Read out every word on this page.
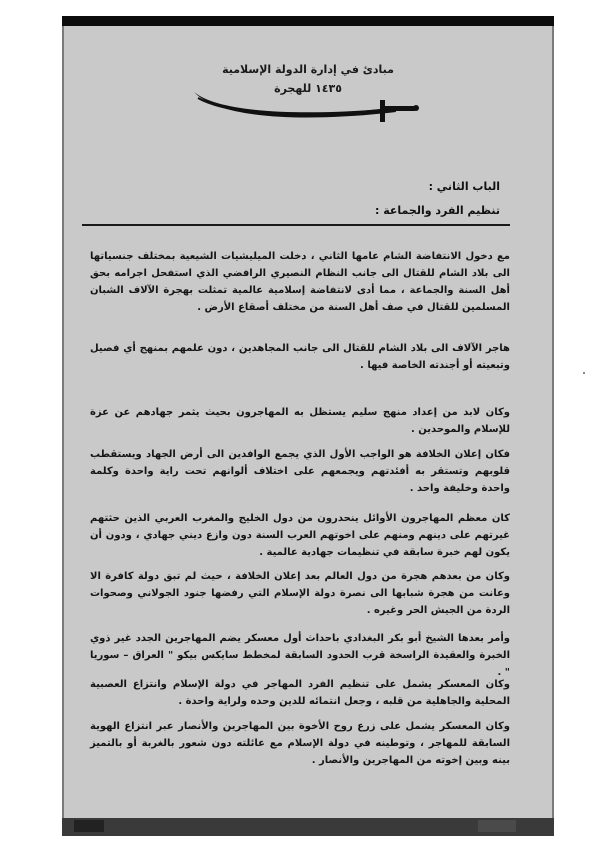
مبادئ في إدارة الدولة الإسلامية
١٤٣٥ للهجرة
الباب الثاني :
تنظيم الفرد والجماعة :
مع دخول الانتفاضة الشام عامها الثاني ، دخلت الميليشيات الشيعية بمختلف جنسياتها الى بلاد الشام للقتال الى جانب النظام النصيري الرافضي الذي استفحل اجرامه بحق أهل السنة والجماعة ، مما أدى لانتفاضة إسلامية عالمية تمثلت بهجرة الآلاف الشبان المسلمين للقتال في صف أهل السنة من مختلف أصقاع الأرض .
هاجر الآلاف الى بلاد الشام للقتال الى جانب المجاهدين ، دون علمهم بمنهج أي فصيل وتبعيته أو أجندته الخاصة فيها .
وكان لابد من إعداد منهج سليم يستظل به المهاجرون بحيث يثمر جهادهم عن عزة للإسلام والموحدين .
فكان إعلان الخلافة هو الواجب الأول الذي يجمع الوافدين الى أرض الجهاد ويستقطب قلوبهم وتستقر به أفئدتهم ويجمعهم على اختلاف ألوانهم تحت راية واحدة وكلمة واحدة وخليفة واحد .
كان معظم المهاجرون الأوائل ينحدرون من دول الخليج والمغرب العربي الذين حثتهم غيرتهم على دينهم ومنهم على اخوتهم العرب السنة دون وازع ديني جهادي ، ودون أن يكون لهم خبرة سابقة في تنظيمات جهادية عالمية .
وكان من بعدهم هجرة من دول العالم بعد إعلان الخلافة ، حيث لم تبق دولة كافرة الا وعانت من هجرة شبابها الى نصرة دولة الإسلام التي رفضها جنود الجولاني وصحوات الردة من الجيش الحر وغيره .
وأمر بعدها الشيخ أبو بكر البغدادي باحداث أول معسكر يضم المهاجرين الجدد غير ذوي الخبرة والعقيدة الراسخة قرب الحدود السابقة لمخطط سايكس بيكو " العراق – سوريا " .
وكان المعسكر يشمل على تنظيم الفرد المهاجر في دولة الإسلام وانتزاع العصبية المحلية والجاهلية من قلبه ، وجعل انتمائه للدين وحده ولراية واحدة .
وكان المعسكر يشمل على زرع روح الأخوة بين المهاجرين والأنصار عبر انتزاع الهوية السابقة للمهاجر ، وتوطينه في دولة الإسلام مع عائلته دون شعور بالغربة أو بالتميز بينه وبين إخوته من المهاجرين والأنصار .
